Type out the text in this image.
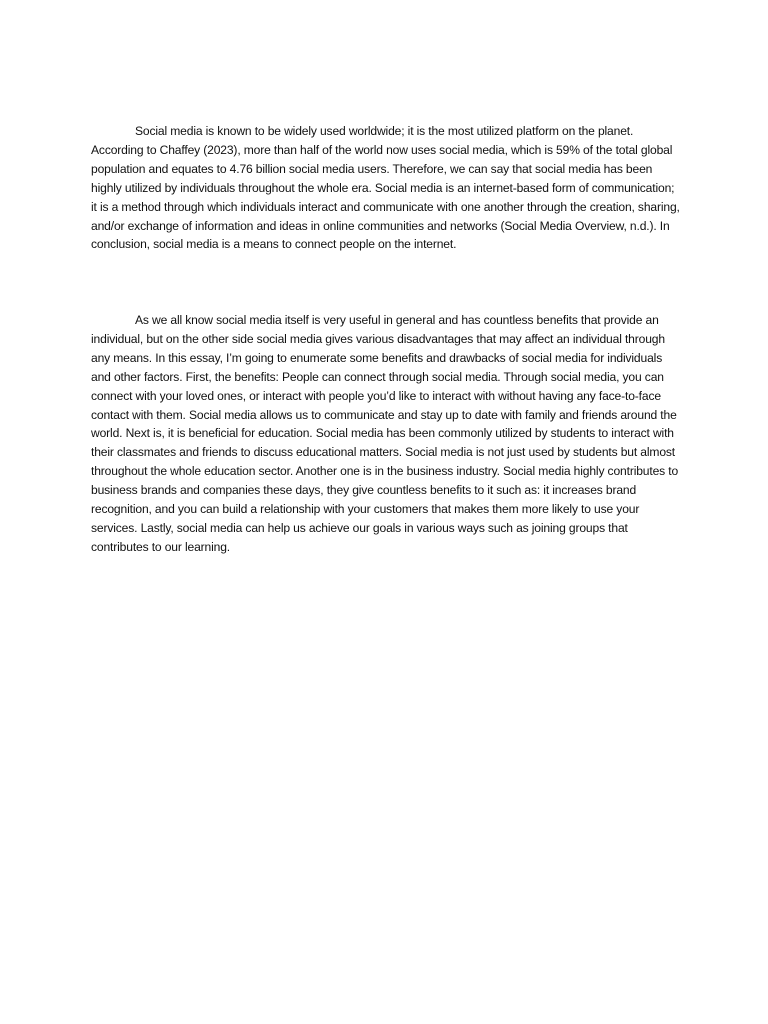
Social media is known to be widely used worldwide; it is the most utilized platform on the planet. According to Chaffey (2023), more than half of the world now uses social media, which is 59% of the total global population and equates to 4.76 billion social media users. Therefore, we can say that social media has been highly utilized by individuals throughout the whole era. Social media is an internet-based form of communication; it is a method through which individuals interact and communicate with one another through the creation, sharing, and/or exchange of information and ideas in online communities and networks (Social Media Overview, n.d.). In conclusion, social media is a means to connect people on the internet.

As we all know social media itself is very useful in general and has countless benefits that provide an individual, but on the other side social media gives various disadvantages that may affect an individual through any means. In this essay, I’m going to enumerate some benefits and drawbacks of social media for individuals and other factors. First, the benefits: People can connect through social media. Through social media, you can connect with your loved ones, or interact with people you’d like to interact with without having any face-to-face contact with them. Social media allows us to communicate and stay up to date with family and friends around the world. Next is, it is beneficial for education. Social media has been commonly utilized by students to interact with their classmates and friends to discuss educational matters. Social media is not just used by students but almost throughout the whole education sector. Another one is in the business industry. Social media highly contributes to business brands and companies these days, they give countless benefits to it such as: it increases brand recognition, and you can build a relationship with your customers that makes them more likely to use your services. Lastly, social media can help us achieve our goals in various ways such as joining groups that contributes to our learning.
